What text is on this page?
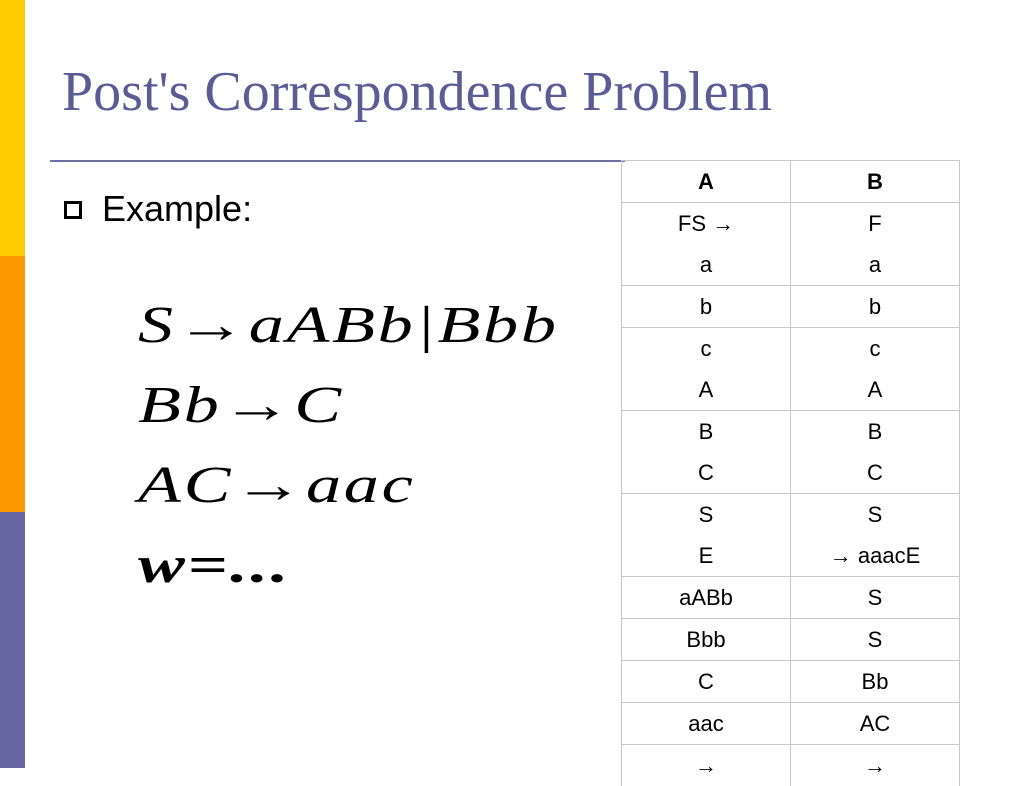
Post's Correspondence Problem
Example:
S→aABb|Bbb
Bb→C
AC→aac
w=...
A	B
FS →	F
a	a
b	b
c	c
A	A
B	B
C	C
S	S
E	→ aaacE
aABb	S
Bbb	S
C	Bb
aac	AC
→	→
